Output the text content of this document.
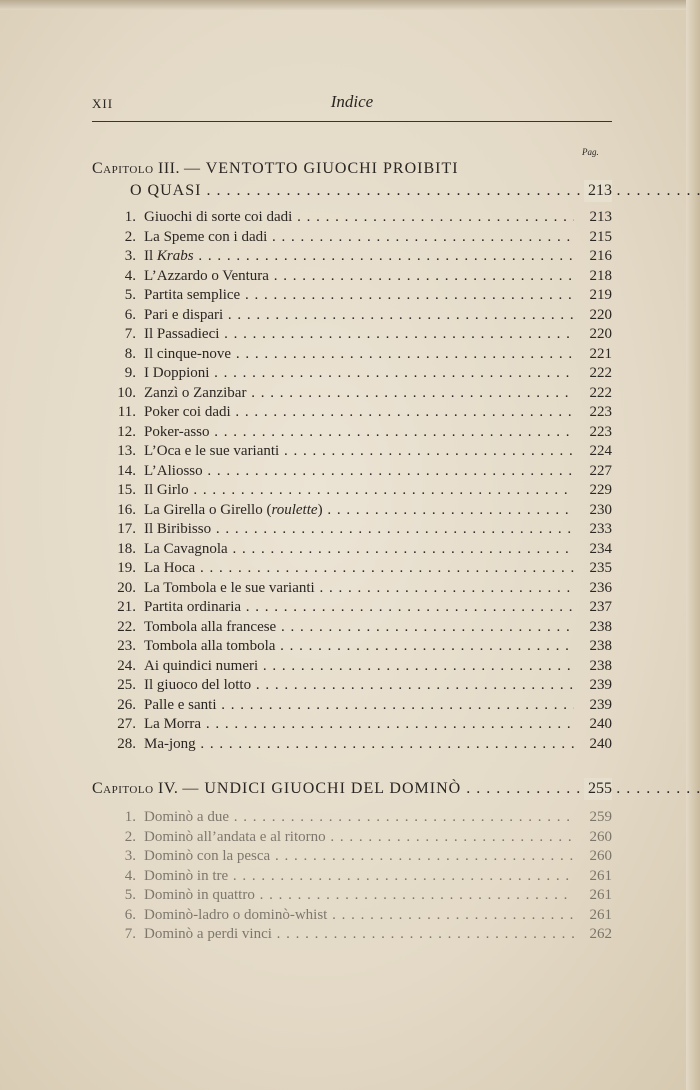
XII	Indice
Pag.
Capitolo III. — VENTOTTO GIUOCHI PROIBITI
O QUASI . . .	213
1. Giuochi di sorte coi dadi . . .	213
2. La Speme con i dadi . . .	215
3. Il Krabs . . .	216
4. L’Azzardo o Ventura . . .	218
5. Partita semplice . . .	219
6. Pari e dispari . . .	220
7. Il Passadieci . . .	220
8. Il cinque-nove . . .	221
9. I Doppioni . . .	222
10. Zanzì o Zanzibar . . .	222
11. Poker coi dadi . . .	223
12. Poker-asso . . .	223
13. L’Oca e le sue varianti . . .	224
14. L’Aliosso . . .	227
15. Il Girlo . . .	229
16. La Girella o Girello (roulette) . . .	230
17. Il Biribisso . . .	233
18. La Cavagnola . . .	234
19. La Hoca . . .	235
20. La Tombola e le sue varianti . . .	236
21. Partita ordinaria . . .	237
22. Tombola alla francese . . .	238
23. Tombola alla tombola . . .	238
24. Ai quindici numeri . . .	238
25. Il giuoco del lotto . . .	239
26. Palle e santi . . .	239
27. La Morra . . .	240
28. Ma-jong . . .	240
Capitolo IV. — UNDICI GIUOCHI DEL DOMINÒ . . .	255
1. Dominò a due . . .	259
2. Dominò all’andata e al ritorno . . .	260
3. Dominò con la pesca . . .	260
4. Dominò in tre . . .	261
5. Dominò in quattro . . .	261
6. Dominò-ladro o dominò-whist . . .	261
7. Dominò a perdi vinci . . .	262
